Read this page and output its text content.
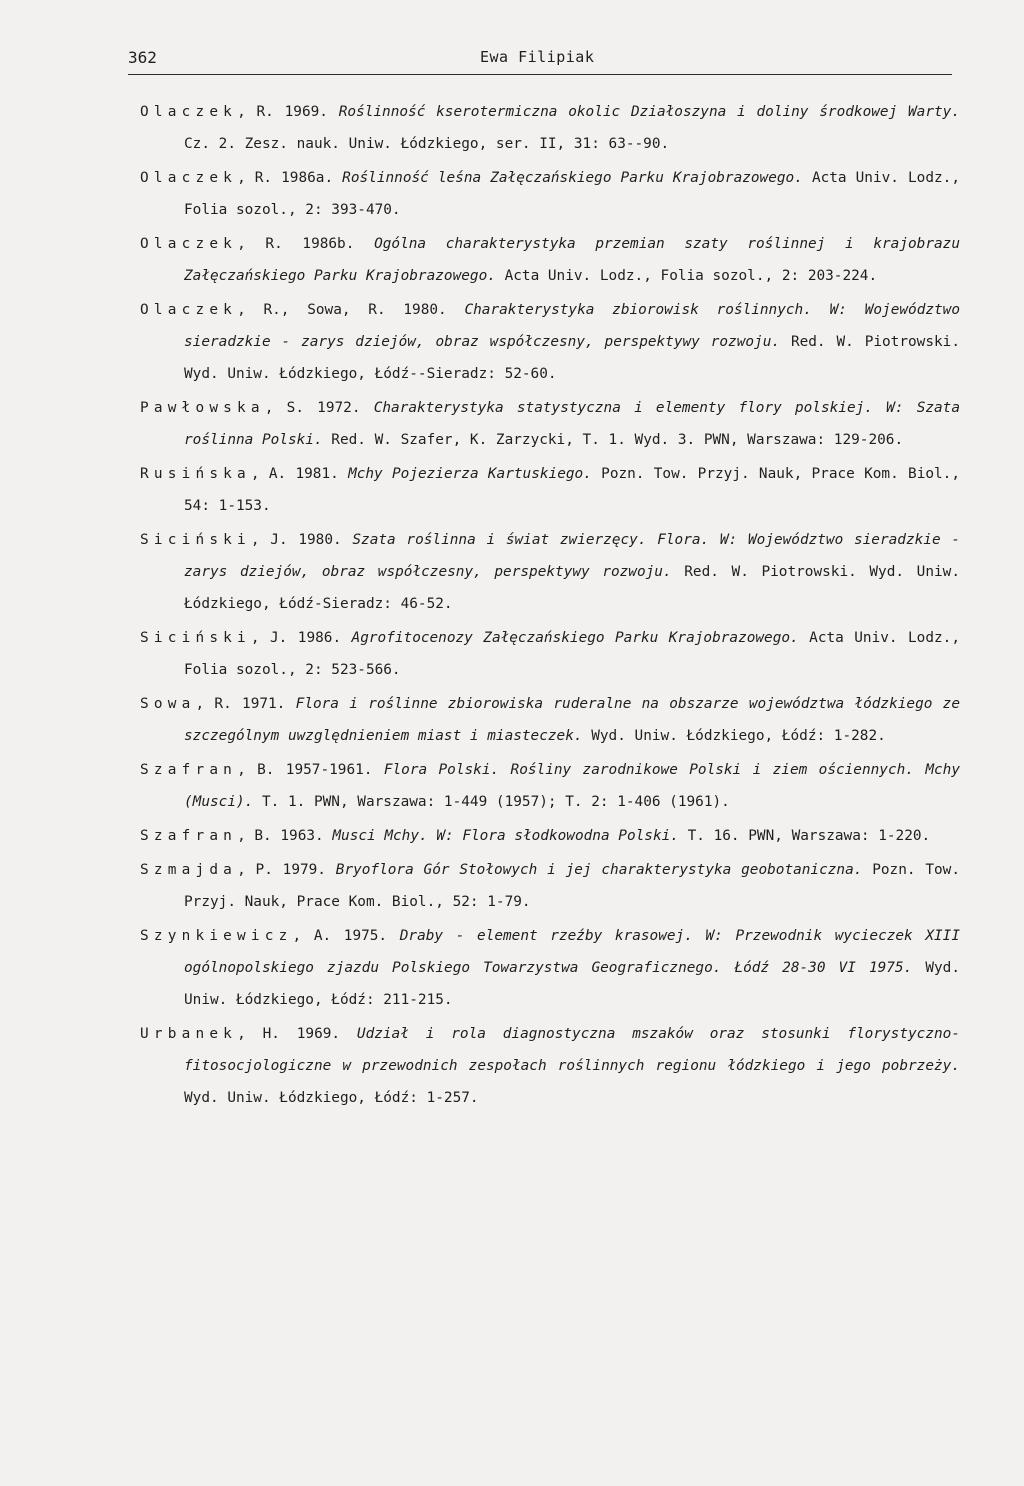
362	Ewa Filipiak
Olaczek, R. 1969. Roślinność kserotermiczna okolic Działoszyna i doliny środkowej Warty. Cz. 2. Zesz. nauk. Uniw. Łódzkiego, ser. II, 31: 63--90.
Olaczek, R. 1986a. Roślinność leśna Załęczańskiego Parku Krajobrazowego. Acta Univ. Lodz., Folia sozol., 2: 393-470.
Olaczek, R. 1986b. Ogólna charakterystyka przemian szaty roślinnej i krajobrazu Załęczańskiego Parku Krajobrazowego. Acta Univ. Lodz., Folia sozol., 2: 203-224.
Olaczek, R., Sowa, R. 1980. Charakterystyka zbiorowisk roślinnych. W: Województwo sieradzkie - zarys dziejów, obraz współczesny, perspektywy rozwoju. Red. W. Piotrowski. Wyd. Uniw. Łódzkiego, Łódź--Sieradz: 52-60.
Pawłowska, S. 1972. Charakterystyka statystyczna i elementy flory polskiej. W: Szata roślinna Polski. Red. W. Szafer, K. Zarzycki, T. 1. Wyd. 3. PWN, Warszawa: 129-206.
Rusińska, A. 1981. Mchy Pojezierza Kartuskiego. Pozn. Tow. Przyj. Nauk, Prace Kom. Biol., 54: 1-153.
Siciński, J. 1980. Szata roślinna i świat zwierzęcy. Flora. W: Województwo sieradzkie - zarys dziejów, obraz współczesny, perspektywy rozwoju. Red. W. Piotrowski. Wyd. Uniw. Łódzkiego, Łódź-Sieradz: 46-52.
Siciński, J. 1986. Agrofitocenozy Załęczańskiego Parku Krajobrazowego. Acta Univ. Lodz., Folia sozol., 2: 523-566.
Sowa, R. 1971. Flora i roślinne zbiorowiska ruderalne na obszarze województwa łódzkiego ze szczególnym uwzględnieniem miast i miasteczek. Wyd. Uniw. Łódzkiego, Łódź: 1-282.
Szafran, B. 1957-1961. Flora Polski. Rośliny zarodnikowe Polski i ziem ościennych. Mchy (Musci). T. 1. PWN, Warszawa: 1-449 (1957); T. 2: 1-406 (1961).
Szafran, B. 1963. Musci Mchy. W: Flora słodkowodna Polski. T. 16. PWN, Warszawa: 1-220.
Szmajda, P. 1979. Bryoflora Gór Stołowych i jej charakterystyka geobotaniczna. Pozn. Tow. Przyj. Nauk, Prace Kom. Biol., 52: 1-79.
Szynkiewicz, A. 1975. Draby - element rzeźby krasowej. W: Przewodnik wycieczek XIII ogólnopolskiego zjazdu Polskiego Towarzystwa Geograficznego. Łódź 28-30 VI 1975. Wyd. Uniw. Łódzkiego, Łódź: 211-215.
Urbanek, H. 1969. Udział i rola diagnostyczna mszaków oraz stosunki florystyczno-fitosocjologiczne w przewodnich zespołach roślinnych regionu łódzkiego i jego pobrzeży. Wyd. Uniw. Łódzkiego, Łódź: 1-257.
